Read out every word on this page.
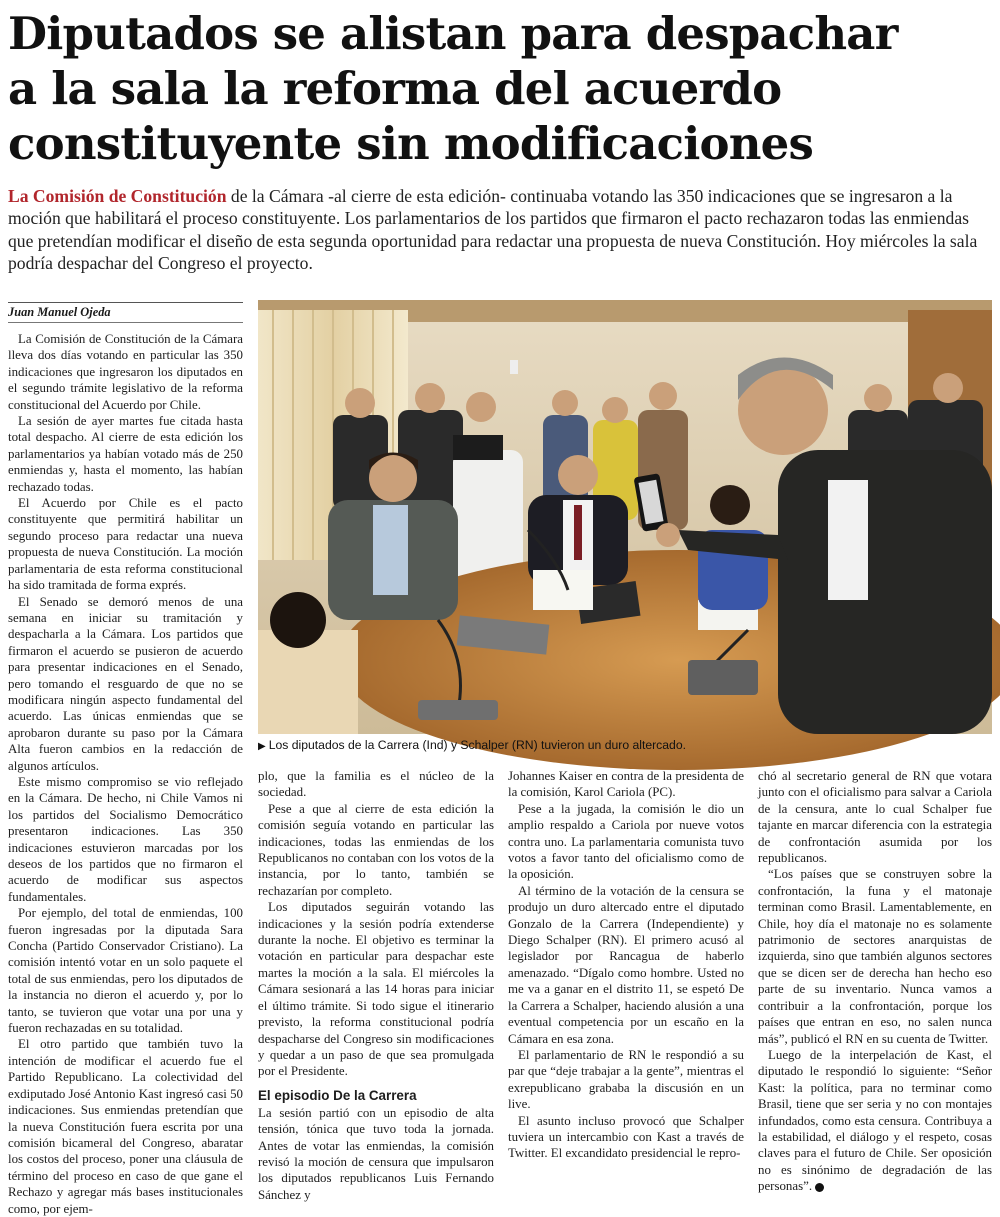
Diputados se alistan para despachar
a la sala la reforma del acuerdo
constituyente sin modificaciones
La Comisión de Constitución de la Cámara -al cierre de esta edición- continuaba votando las 350 indicaciones que se ingresaron a la moción que habilitará el proceso constituyente. Los parlamentarios de los partidos que firmaron el pacto rechazaron todas las enmiendas que pretendían modificar el diseño de esta segunda oportunidad para redactar una propuesta de nueva Constitución. Hoy miércoles la sala podría despachar del Congreso el proyecto.
Juan Manuel Ojeda

La Comisión de Constitución de la Cámara lleva dos días votando en particular las 350 indicaciones que ingresaron los diputados en el segundo trámite legislativo de la reforma constitucional del Acuerdo por Chile.

La sesión de ayer martes fue citada hasta total despacho. Al cierre de esta edición los parlamentarios ya habían votado más de 250 enmiendas y, hasta el momento, las habían rechazado todas.

El Acuerdo por Chile es el pacto constituyente que permitirá habilitar un segundo proceso para redactar una nueva propuesta de nueva Constitución. La moción parlamentaria de esta reforma constitucional ha sido tramitada de forma exprés.

El Senado se demoró menos de una semana en iniciar su tramitación y despacharla a la Cámara. Los partidos que firmaron el acuerdo se pusieron de acuerdo para presentar indicaciones en el Senado, pero tomando el resguardo de que no se modificara ningún aspecto fundamental del acuerdo. Las únicas enmiendas que se aprobaron durante su paso por la Cámara Alta fueron cambios en la redacción de algunos artículos.

Este mismo compromiso se vio reflejado en la Cámara. De hecho, ni Chile Vamos ni los partidos del Socialismo Democrático presentaron indicaciones. Las 350 indicaciones estuvieron marcadas por los deseos de los partidos que no firmaron el acuerdo de modificar sus aspectos fundamentales.

Por ejemplo, del total de enmiendas, 100 fueron ingresadas por la diputada Sara Concha (Partido Conservador Cristiano). La comisión intentó votar en un solo paquete el total de sus enmiendas, pero los diputados de la instancia no dieron el acuerdo y, por lo tanto, se tuvieron que votar una por una y fueron rechazadas en su totalidad.

El otro partido que también tuvo la intención de modificar el acuerdo fue el Partido Republicano. La colectividad del exdiputado José Antonio Kast ingresó casi 50 indicaciones. Sus enmiendas pretendían que la nueva Constitución fuera escrita por una comisión bicameral del Congreso, abaratar los costos del proceso, poner una cláusula de término del proceso en caso de que gane el Rechazo y agregar más bases institucionales como, por ejem-

▶ Los diputados de la Carrera (Ind) y Schalper (RN) tuvieron un duro altercado.

plo, que la familia es el núcleo de la sociedad.

Pese a que al cierre de esta edición la comisión seguía votando en particular las indicaciones, todas las enmiendas de los Republicanos no contaban con los votos de la instancia, por lo tanto, también se rechazarían por completo.

Los diputados seguirán votando las indicaciones y la sesión podría extenderse durante la noche. El objetivo es terminar la votación en particular para despachar este martes la moción a la sala. El miércoles la Cámara sesionará a las 14 horas para iniciar el último trámite. Si todo sigue el itinerario previsto, la reforma constitucional podría despacharse del Congreso sin modificaciones y quedar a un paso de que sea promulgada por el Presidente.

El episodio De la Carrera

La sesión partió con un episodio de alta tensión, tónica que tuvo toda la jornada. Antes de votar las enmiendas, la comisión revisó la moción de censura que impulsaron los diputados republicanos Luis Fernando Sánchez y

Johannes Kaiser en contra de la presidenta de la comisión, Karol Cariola (PC).

Pese a la jugada, la comisión le dio un amplio respaldo a Cariola por nueve votos contra uno. La parlamentaria comunista tuvo votos a favor tanto del oficialismo como de la oposición.

Al término de la votación de la censura se produjo un duro altercado entre el diputado Gonzalo de la Carrera (Independiente) y Diego Schalper (RN). El primero acusó al legislador por Rancagua de haberlo amenazado. “Dígalo como hombre. Usted no me va a ganar en el distrito 11, se espetó De la Carrera a Schalper, haciendo alusión a una eventual competencia por un escaño en la Cámara en esa zona.

El parlamentario de RN le respondió a su par que “deje trabajar a la gente”, mientras el exrepublicano grababa la discusión en un live.

El asunto incluso provocó que Schalper tuviera un intercambio con Kast a través de Twitter. El excandidato presidencial le repro-

chó al secretario general de RN que votara junto con el oficialismo para salvar a Cariola de la censura, ante lo cual Schalper fue tajante en marcar diferencia con la estrategia de confrontación asumida por los republicanos.

“Los países que se construyen sobre la confrontación, la funa y el matonaje terminan como Brasil. Lamentablemente, en Chile, hoy día el matonaje no es solamente patrimonio de sectores anarquistas de izquierda, sino que también algunos sectores que se dicen ser de derecha han hecho eso parte de su inventario. Nunca vamos a contribuir a la confrontación, porque los países que entran en eso, no salen nunca más”, publicó el RN en su cuenta de Twitter.

Luego de la interpelación de Kast, el diputado le respondió lo siguiente: “Señor Kast: la política, para no terminar como Brasil, tiene que ser seria y no con montajes infundados, como esta censura. Contribuya a la estabilidad, el diálogo y el respeto, cosas claves para el futuro de Chile. Ser oposición no es sinónimo de degradación de las personas”.
